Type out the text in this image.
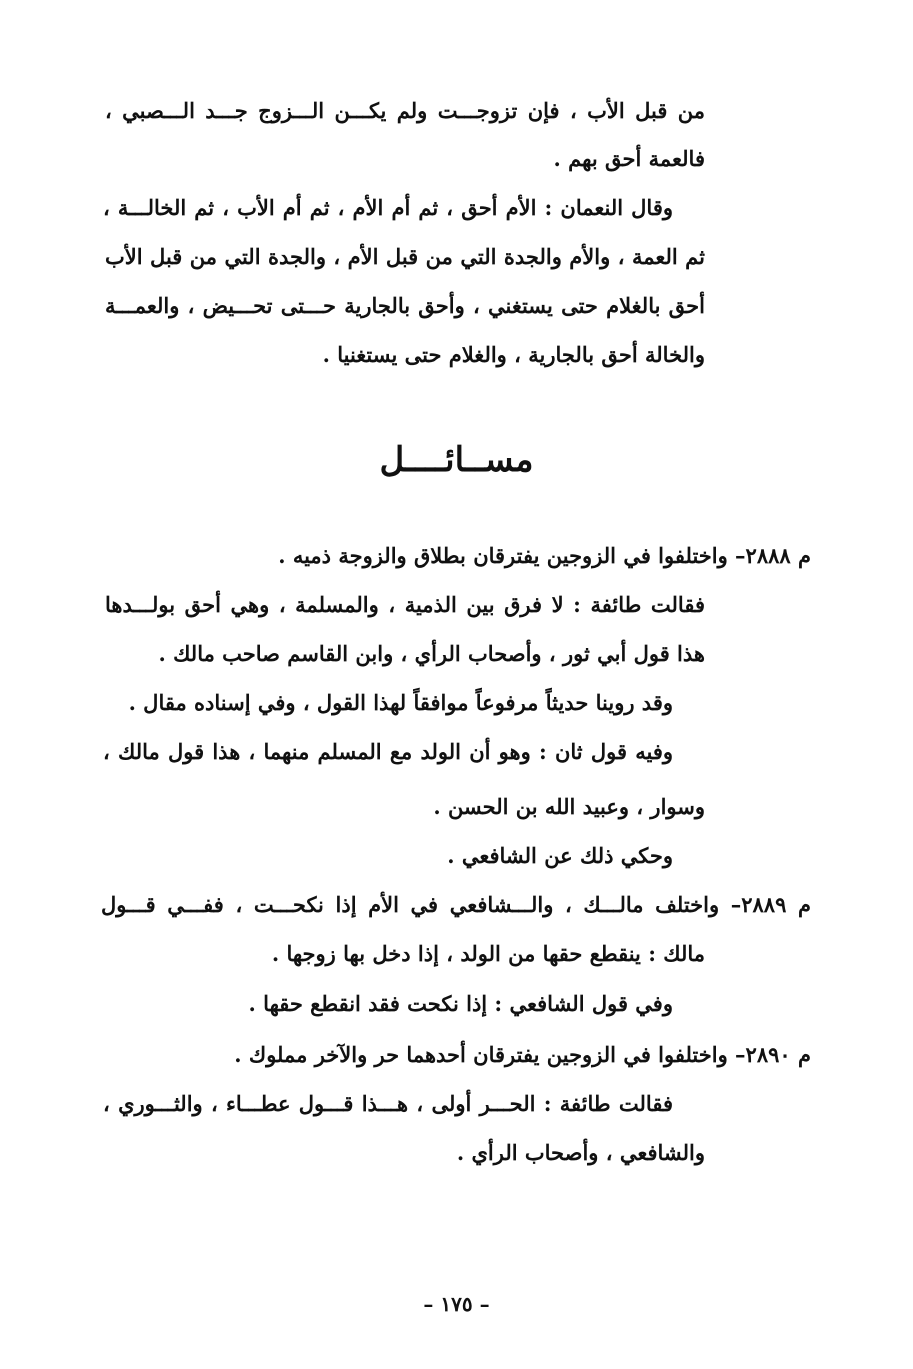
من قبل الأب ، فإن تزوجـــت ولم يكـــن الـــزوج جـــد الـــصبي ،
فالعمة أحق بهم .
وقال النعمان : الأم أحق ، ثم أم الأم ، ثم أم الأب ، ثم الخالـــة ،
ثم العمة ، والأم والجدة التي من قبل الأم ، والجدة التي من قبل الأب
أحق بالغلام حتى يستغني ، وأحق بالجارية حـــتى تحـــيض ، والعمـــة
والخالة أحق بالجارية ، والغلام حتى يستغنيا .
مســائــــل
م ٢٨٨٨– واختلفوا في الزوجين يفترقان بطلاق والزوجة ذميه .
فقالت طائفة : لا فرق بين الذمية ، والمسلمة ، وهي أحق بولـــدها
هذا قول أبي ثور ، وأصحاب الرأي ، وابن القاسم صاحب مالك .
وقد روينا حديثاً مرفوعاً موافقاً لهذا القول ، وفي إسناده مقال .
وفيه قول ثان : وهو أن الولد مع المسلم منهما ، هذا قول مالك ،
وسوار ، وعبيد الله بن الحسن .
وحكي ذلك عن الشافعي .
م ٢٨٨٩– واختلف مالـــك ، والـــشافعي في الأم إذا نكحـــت ، ففـــي قـــول
مالك : ينقطع حقها من الولد ، إذا دخل بها زوجها .
وفي قول الشافعي : إذا نكحت فقد انقطع حقها .
م ٢٨٩٠– واختلفوا في الزوجين يفترقان أحدهما حر والآخر مملوك .
فقالت طائفة : الحـــر أولى ، هـــذا قـــول عطـــاء ، والثـــوري ،
والشافعي ، وأصحاب الرأي .
– ١٧٥ –
